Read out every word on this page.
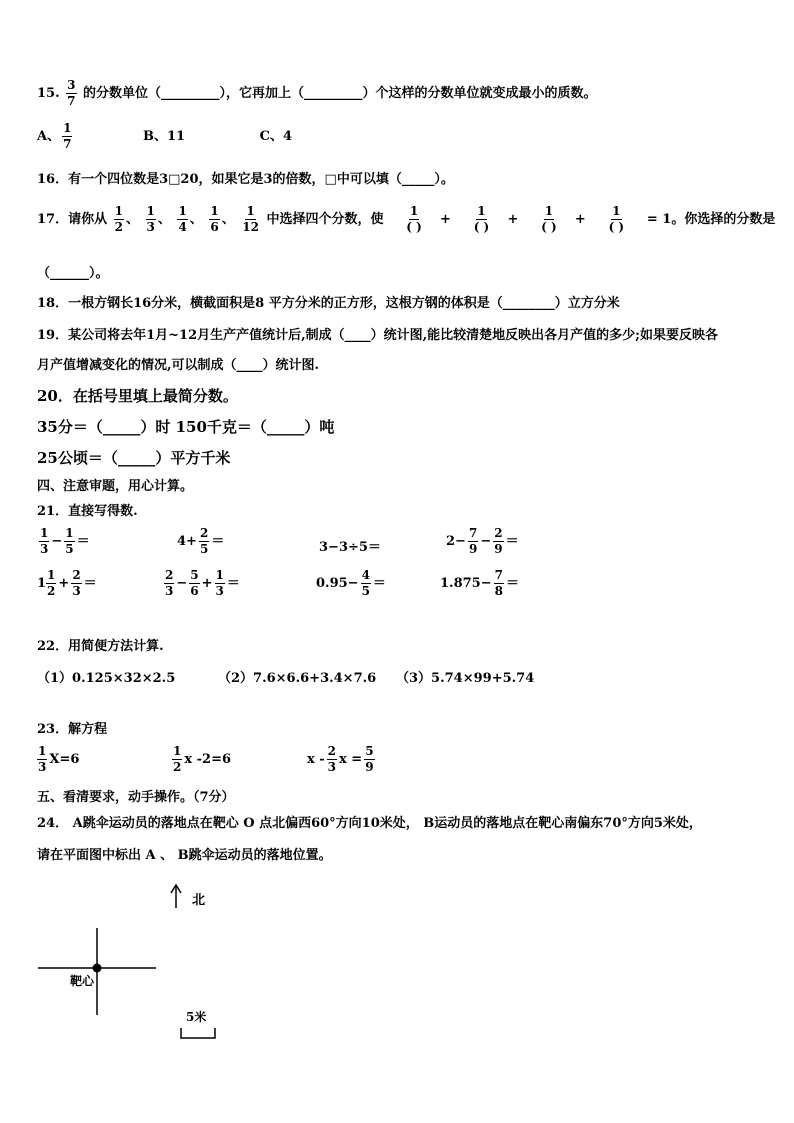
15. $\frac{3}{7}$ 的分数单位（_________），它再加上（_________）个这样的分数单位就变成最小的质数。
A、 $\frac{1}{7}$	B、11	C、4
16．有一个四位数是3□20，如果它是3的倍数，□中可以填（_____）。
17．请你从 $\frac{1}{2}$ 、 $\frac{1}{3}$ 、 $\frac{1}{4}$ 、 $\frac{1}{6}$ 、 $\frac{1}{12}$ 中选择四个分数，使 $\frac{1}{( )} + \frac{1}{( )} + \frac{1}{( )} + \frac{1}{( )} = 1$。你选择的分数是
（______）。
18．一根方钢长16分米，横截面积是8 平方分米的正方形，这根方钢的体积是（________）立方分米
19．某公司将去年1月~12月生产产值统计后,制成（____）统计图,能比较清楚地反映出各月产值的多少;如果要反映各
月产值增减变化的情况,可以制成（____）统计图.
20．在括号里填上最简分数。
35分＝（_____）时 150千克＝（_____）吨
25公顷＝（_____）平方千米
四、注意审题，用心计算。
21．直接写得数.
$\frac{1}{3} - \frac{1}{5}$ ＝	$4+ \frac{2}{5}$ ＝	3−3÷5＝	$2- \frac{7}{9} - \frac{2}{9}$ ＝
$1 \frac{1}{2} + \frac{2}{3}$ ＝	$\frac{2}{3} - \frac{5}{6} + \frac{1}{3}$ ＝	$0.95- \frac{4}{5}$ ＝	$1.875- \frac{7}{8}$ ＝
22．用简便方法计算.
（1）0.125×32×2.5	（2）7.6×6.6+3.4×7.6 （3）5.74×99+5.74
23．解方程
$\frac{1}{3} X=6$	$\frac{1}{2}$ x -2=6	x - $\frac{2}{3}$ $x = \frac{5}{9}$
五、看清要求，动手操作。（7分）
24． A跳伞运动员的落地点在靶心 O 点北偏西60°方向10米处， B运动员的落地点在靶心南偏东70°方向5米处，
请在平面图中标出 A 、 B跳伞运动员的落地位置。
北
靶心
5米
